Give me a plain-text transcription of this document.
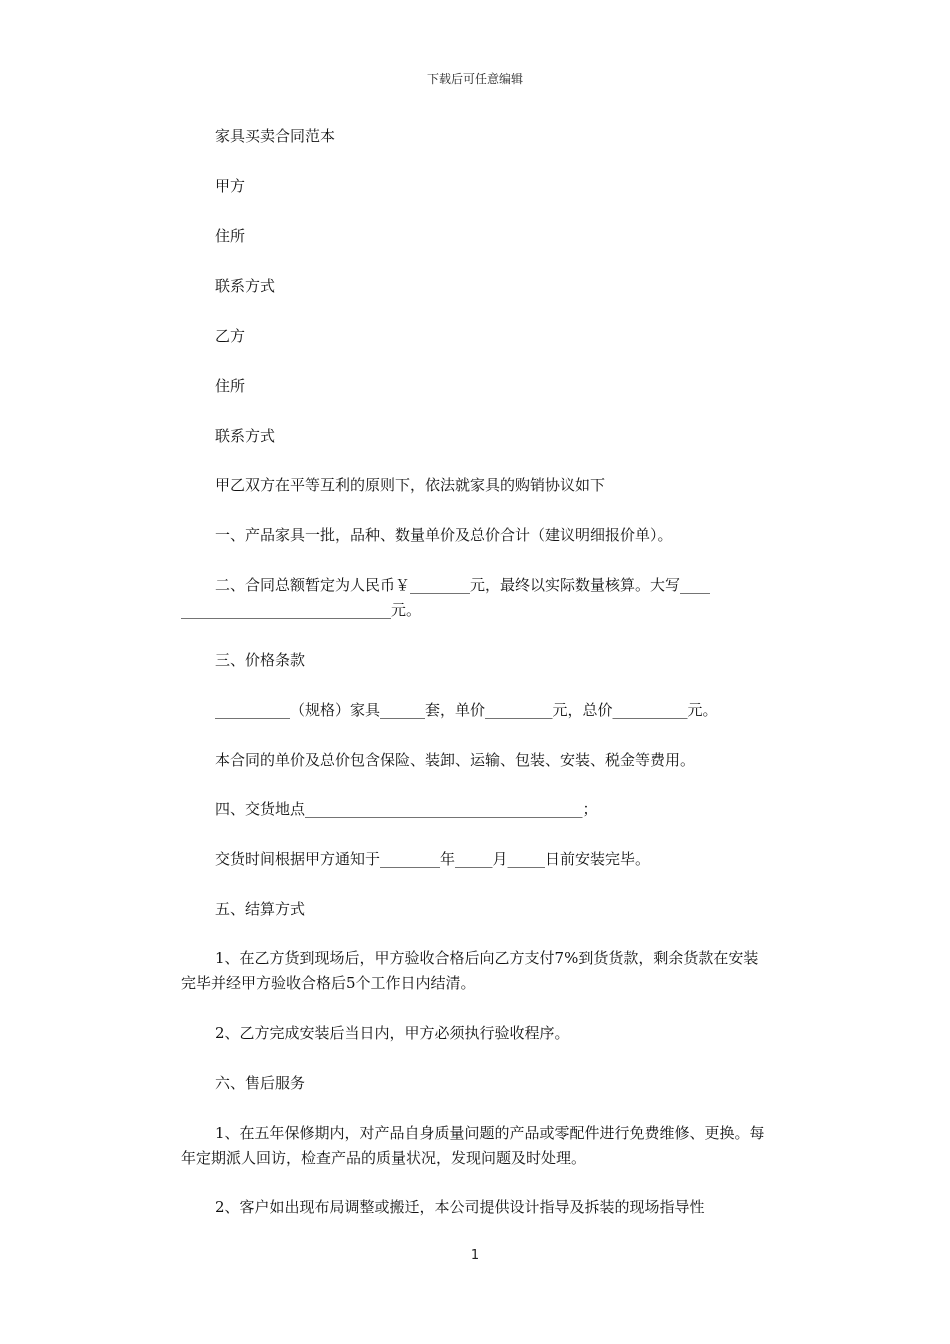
下载后可任意编辑

家具买卖合同范本

甲方

住所

联系方式

乙方

住所

联系方式

甲乙双方在平等互利的原则下，依法就家具的购销协议如下

一、产品家具一批，品种、数量单价及总价合计（建议明细报价单）。

二、合同总额暂定为人民币￥________元，最终以实际数量核算。大写____ ____________________________元。

三、价格条款

__________（规格）家具______套，单价_________元，总价__________元。

本合同的单价及总价包含保险、装卸、运输、包装、安装、税金等费用。

四、交货地点_____________________________________；

交货时间根据甲方通知于________年_____月_____日前安装完毕。

五、结算方式

1、在乙方货到现场后，甲方验收合格后向乙方支付7%到货货款，剩余货款在安装完毕并经甲方验收合格后5个工作日内结清。

2、乙方完成安装后当日内，甲方必须执行验收程序。

六、售后服务

1、在五年保修期内，对产品自身质量问题的产品或零配件进行免费维修、更换。每年定期派人回访，检查产品的质量状况，发现问题及时处理。

2、客户如出现布局调整或搬迁，本公司提供设计指导及拆装的现场指导性

1
